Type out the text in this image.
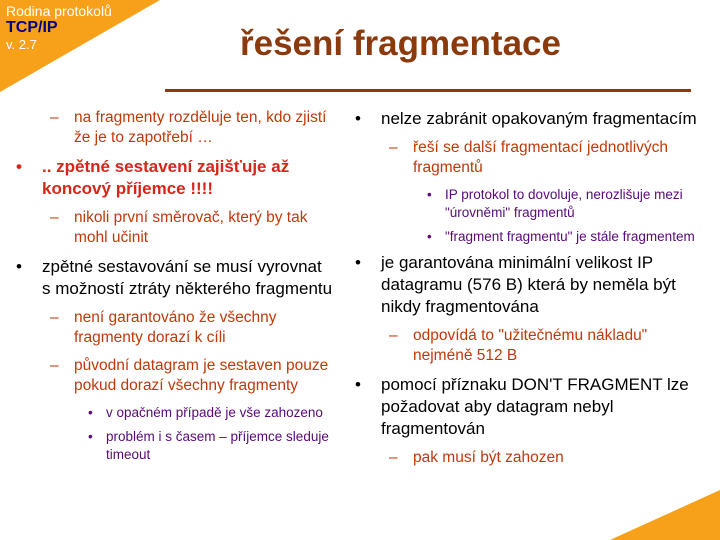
Rodina protokolů
TCP/IP
v. 2.7	řešení fragmentace
– na fragmenty rozděluje ten, kdo zjistí že je to zapotřebí …
• .. zpětné sestavení zajišťuje až koncový příjemce !!!!
– nikoli první směrovač, který by tak mohl učinit
• zpětné sestavování se musí vyrovnat s možností ztráty některého fragmentu
– není garantováno že všechny fragmenty dorazí k cíli
– původní datagram je sestaven pouze pokud dorazí všechny fragmenty
• v opačném případě je vše zahozeno
• problém i s časem – příjemce sleduje timeout
• nelze zabránit opakovaným fragmentacím
– řeší se další fragmentací jednotlivých fragmentů
• IP protokol to dovoluje, nerozlišuje mezi "úrovněmi" fragmentů
• "fragment fragmentu" je stále fragmentem
• je garantována minimální velikost IP datagramu (576 B) která by neměla být nikdy fragmentována
– odpovídá to "užitečnému nákladu" nejméně 512 B
• pomocí příznaku DON'T FRAGMENT lze požadovat aby datagram nebyl fragmentován
– pak musí být zahozen
